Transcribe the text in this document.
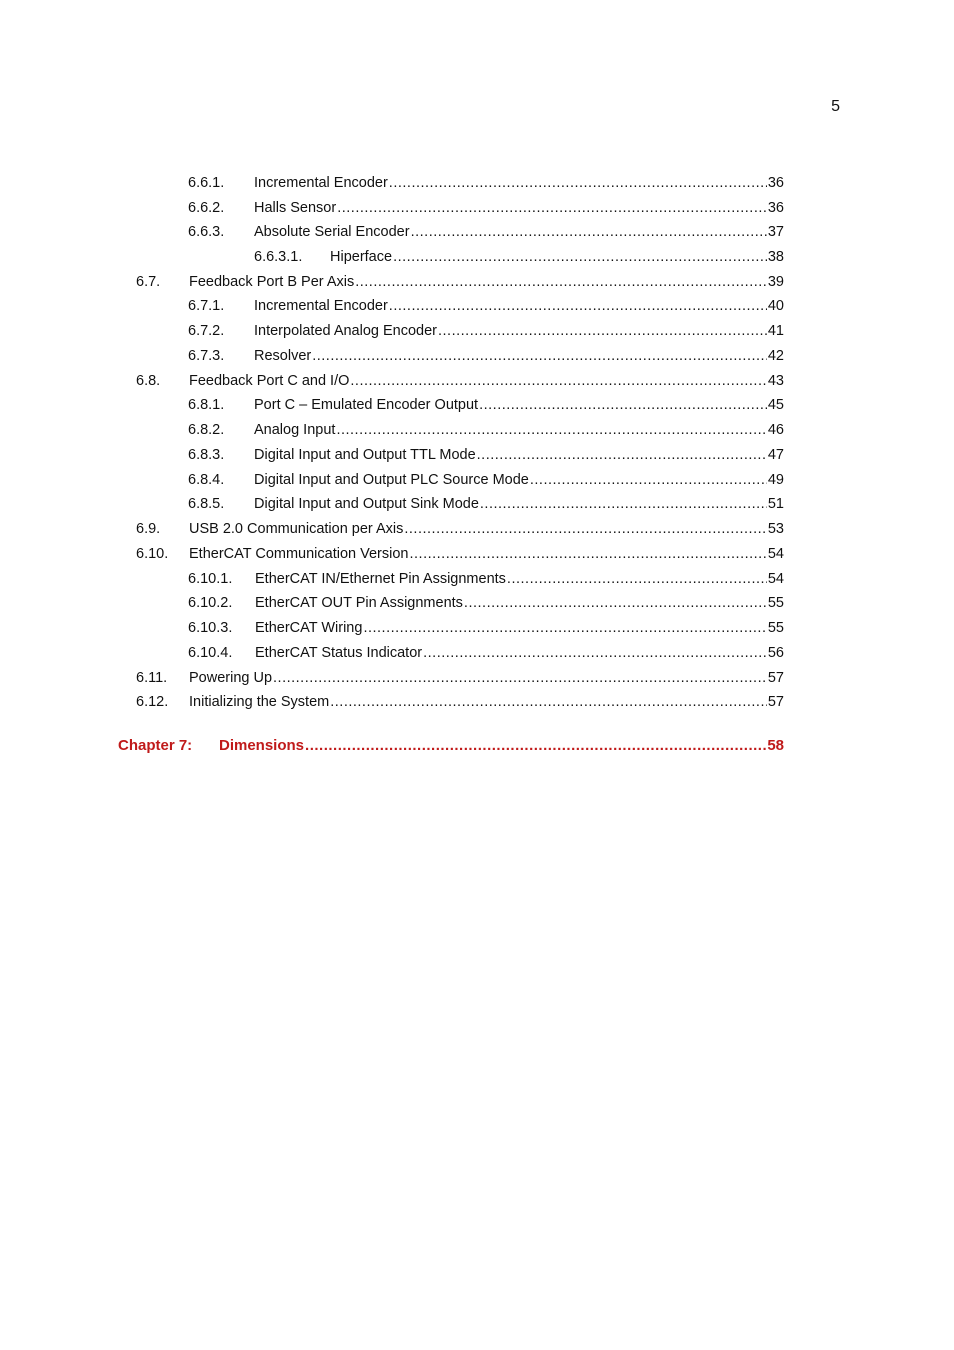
5
6.6.1.	Incremental Encoder .....	36
6.6.2.	Halls Sensor .....	36
6.6.3.	Absolute Serial Encoder .....	37
6.6.3.1.	Hiperface .....	38
6.7.	Feedback Port B Per Axis .....	39
6.7.1.	Incremental Encoder .....	40
6.7.2.	Interpolated Analog Encoder .....	41
6.7.3.	Resolver .....	42
6.8.	Feedback Port C and I/O .....	43
6.8.1.	Port C – Emulated Encoder Output .....	45
6.8.2.	Analog Input .....	46
6.8.3.	Digital Input and Output TTL Mode .....	47
6.8.4.	Digital Input and Output PLC Source Mode .....	49
6.8.5.	Digital Input and Output Sink Mode .....	51
6.9.	USB 2.0 Communication per Axis .....	53
6.10.	EtherCAT Communication Version .....	54
6.10.1.	EtherCAT IN/Ethernet Pin Assignments .....	54
6.10.2.	EtherCAT OUT Pin Assignments .....	55
6.10.3.	EtherCAT Wiring .....	55
6.10.4.	EtherCAT Status Indicator .....	56
6.11.	Powering Up .....	57
6.12.	Initializing the System .....	57
Chapter 7:	Dimensions .....	58
